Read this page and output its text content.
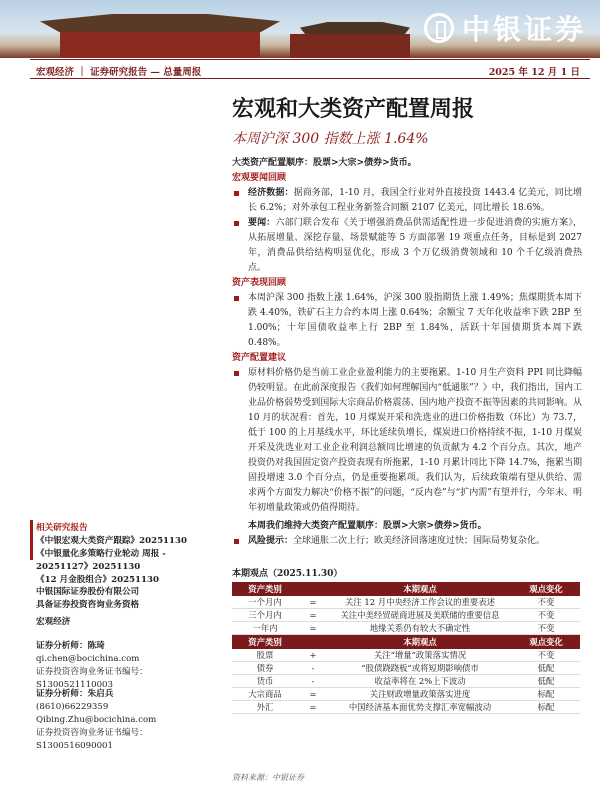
中银证券
宏观经济 ｜ 证券研究报告 — 总量周报	2025 年 12 月 1 日
宏观和大类资产配置周报
本周沪深 300 指数上涨 1.64%

大类资产配置顺序：股票>大宗>债券>货币。

宏观要闻回顾

经济数据：据商务部，1-10 月，我国全行业对外直接投资 1443.4 亿美元，同比增长 6.2%；对外承包工程业务新签合同额 2107 亿美元，同比增长 18.6%。

要闻：六部门联合发布《关于增强消费品供需适配性进一步促进消费的实施方案》，从拓展增量、深挖存量、场景赋能等 5 方面部署 19 项重点任务，目标是到 2027 年，消费品供给结构明显优化，形成 3 个万亿级消费领域和 10 个千亿级消费热点。

资产表现回顾

本周沪深 300 指数上涨 1.64%，沪深 300 股指期货上涨 1.49%；焦煤期货本周下跌 4.40%，铁矿石主力合约本周上涨 0.64%；余额宝 7 天年化收益率下跌 2BP 至 1.00%；十年国债收益率上行 2BP 至 1.84%，活跃十年国债期货本周下跌 0.48%。

资产配置建议

原材料价格仍是当前工业企业盈利能力的主要拖累。1-10 月生产资料 PPI 同比降幅仍较明显。在此前深度报告《我们如何理解国内“低通胀”？》中，我们指出，国内工业品价格弱势受到国际大宗商品价格震荡、国内地产投资不振等因素的共同影响。从 10 月的状况看：首先，10 月煤炭开采和洗选业的进口价格指数（环比）为 73.7，低于 100 的上月基线水平，环比延续负增长，煤炭进口价格持续不振，1-10 月煤炭开采及洗选业对工业企业利润总额同比增速的负贡献为 4.2 个百分点。其次，地产投资仍对我国固定资产投资表现有所拖累，1-10 月累计同比下降 14.7%，拖累当期固投增速 3.0 个百分点，仍是重要拖累项。我们认为，后续政策端有望从供给、需求两个方面发力解决“价格不振”的问题，“反内卷”与“扩内需”有望并行，今年末、明年初增量政策或仍值得期待。

本周我们维持大类资产配置顺序：股票>大宗>债券>货币。

风险提示：全球通胀二次上行；欧美经济回落速度过快；国际局势复杂化。

相关研究报告
《中银宏观大类资产跟踪》20251130
《中银量化多策略行业轮动 周报 - 20251127》20251130
《12 月金股组合》20251130
中银国际证券股份有限公司
具备证券投资咨询业务资格
宏观经济
证券分析师：陈琦
qi.chen@bocichina.com
证券投资咨询业务证书编号：S1300521110003
证券分析师：朱启兵
(8610)66229359
Qibing.Zhu@bocichina.com
证券投资咨询业务证书编号：S1300516090001
本期观点（2025.11.30）
资产类别		本期观点	观点变化
一个月内	=	关注 12 月中央经济工作会议的重要表述	不变
三个月内	=	关注中美经贸磋商进展及美联储的重要信息	不变
一年内	=	地缘关系仍有较大不确定性	不变
资产类别		本期观点	观点变化
股票	+	关注“增量”政策落实情况	不变
债券	-	“股债跷跷板”或将短期影响债市	低配
货币	-	收益率将在 2%上下波动	低配
大宗商品	=	关注财政增量政策落实进度	标配
外汇	=	中国经济基本面优势支撑汇率宽幅波动	标配
资料来源：中银证券
